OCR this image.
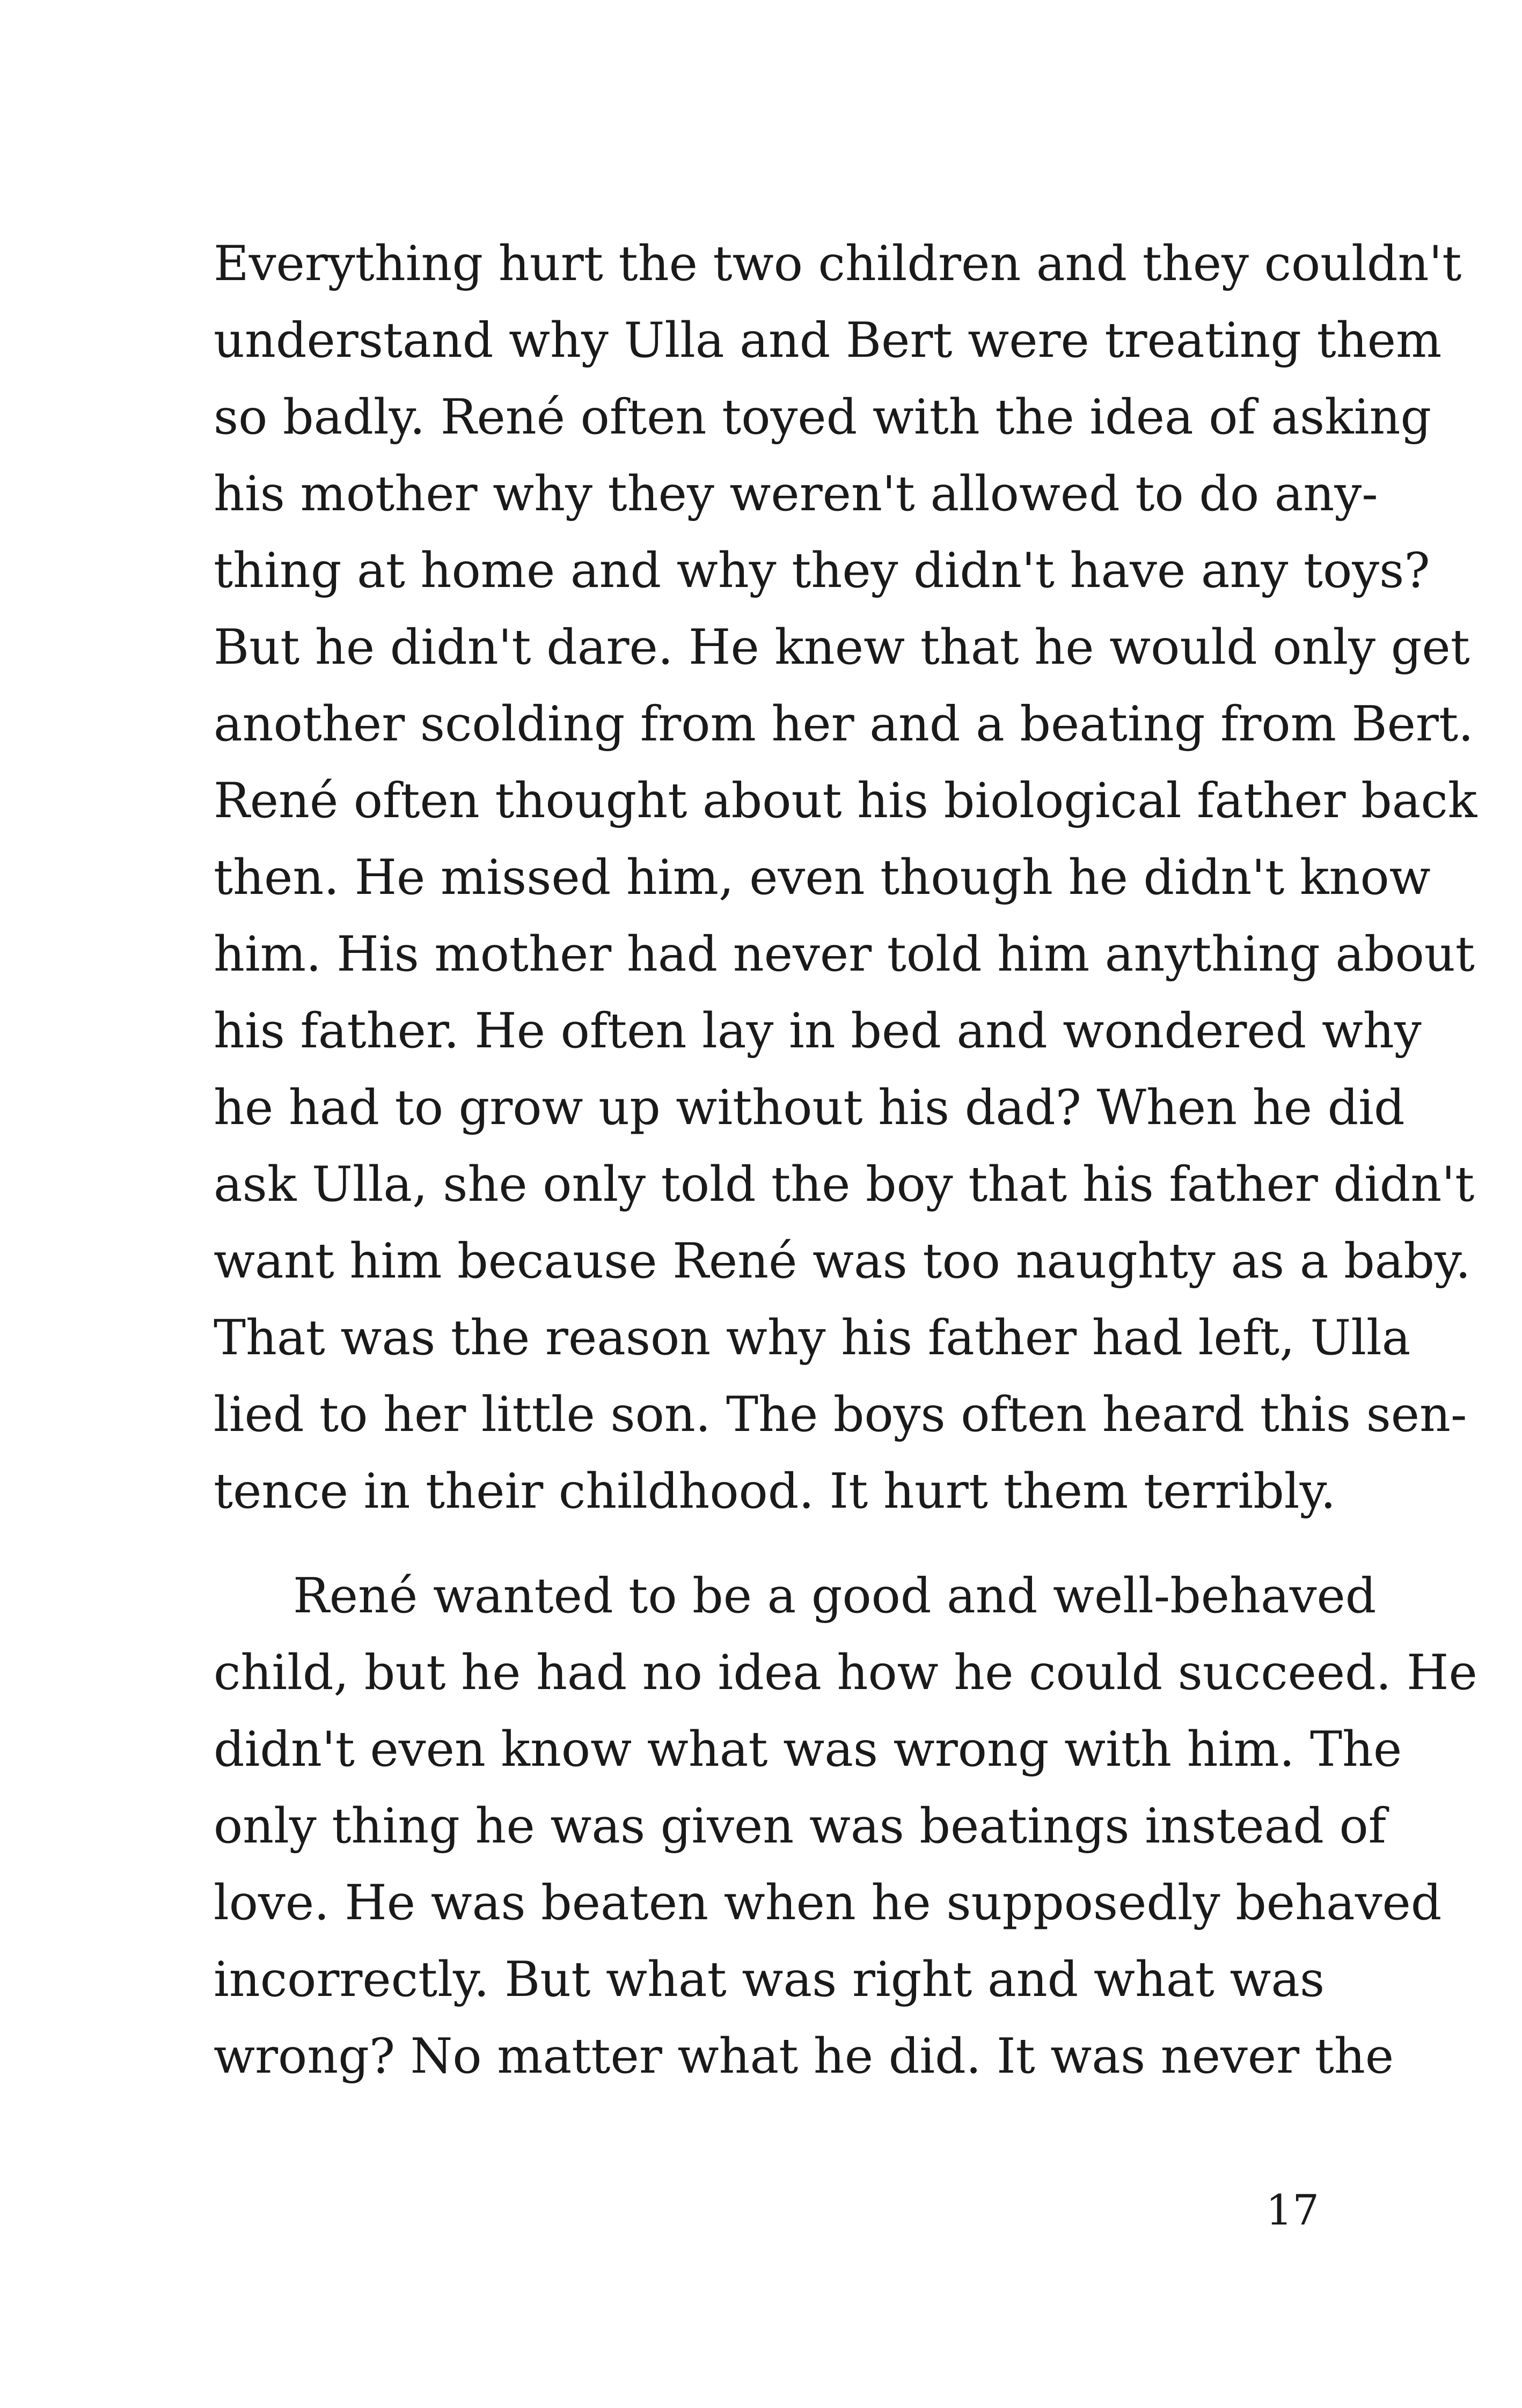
Everything hurt the two children and they couldn't
understand why Ulla and Bert were treating them
so badly. René often toyed with the idea of asking
his mother why they weren't allowed to do any-
thing at home and why they didn't have any toys?
But he didn't dare. He knew that he would only get
another scolding from her and a beating from Bert.
René often thought about his biological father back
then. He missed him, even though he didn't know
him. His mother had never told him anything about
his father. He often lay in bed and wondered why
he had to grow up without his dad? When he did
ask Ulla, she only told the boy that his father didn't
want him because René was too naughty as a baby.
That was the reason why his father had left, Ulla
lied to her little son. The boys often heard this sen-
tence in their childhood. It hurt them terribly.

René wanted to be a good and well-behaved
child, but he had no idea how he could succeed. He
didn't even know what was wrong with him. The
only thing he was given was beatings instead of
love. He was beaten when he supposedly behaved
incorrectly. But what was right and what was
wrong? No matter what he did. It was never the

17
